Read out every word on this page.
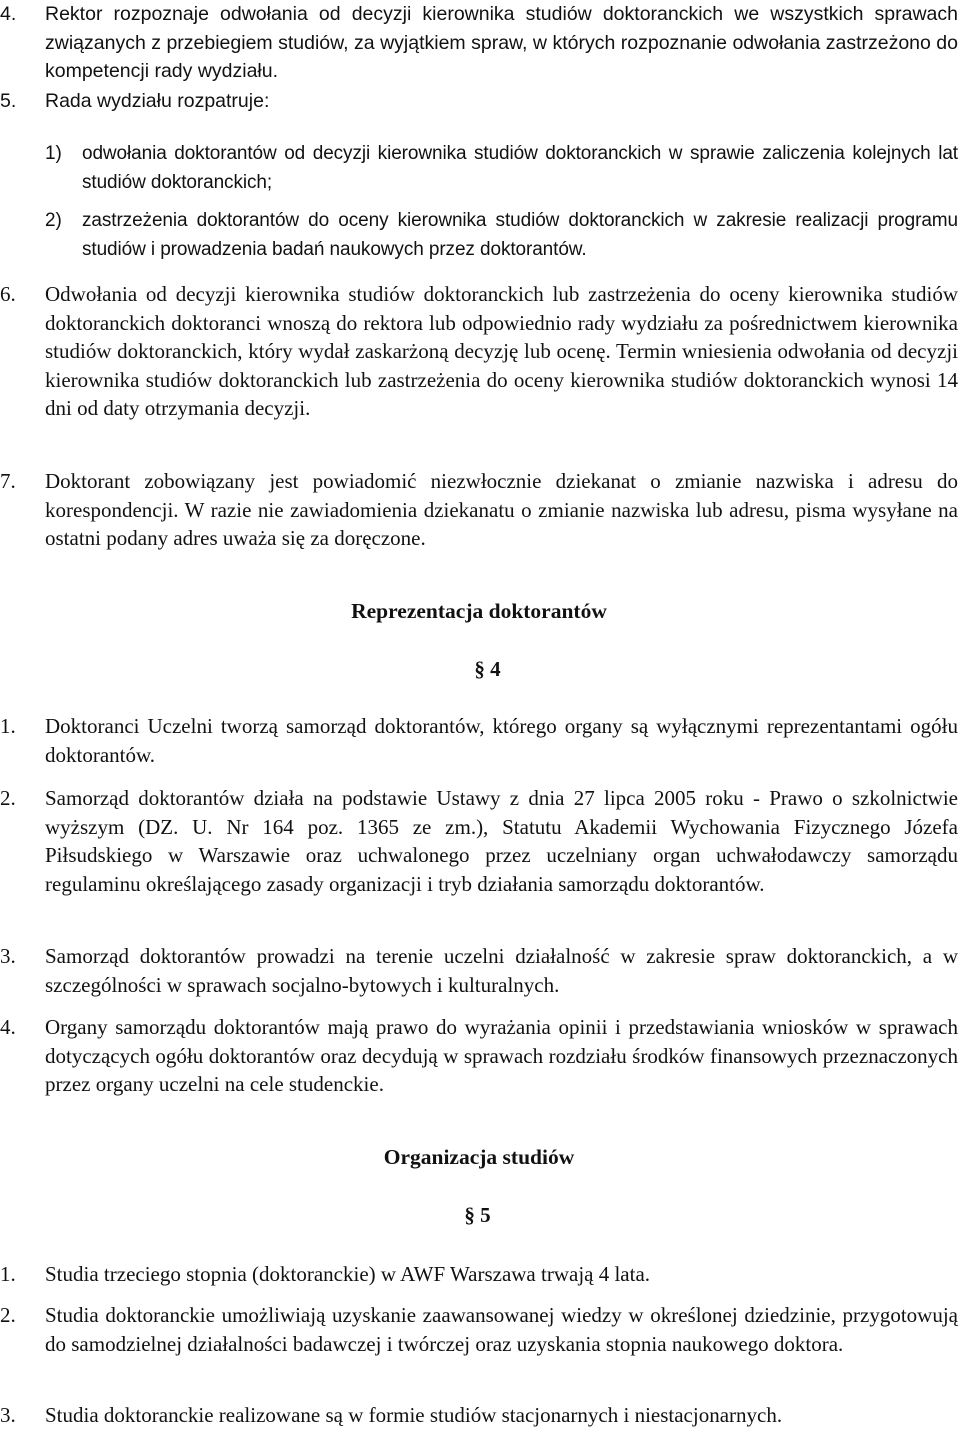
4.	Rektor rozpoznaje odwołania od decyzji kierownika studiów doktoranckich we wszystkich sprawach związanych z przebiegiem studiów, za wyjątkiem spraw, w których rozpoznanie odwołania zastrzeżono do kompetencji rady wydziału.

5. Rada wydziału rozpatruje:
1)	odwołania doktorantów od decyzji kierownika studiów doktoranckich w sprawie zaliczenia kolejnych lat studiów doktoranckich;

2)	zastrzeżenia doktorantów do oceny kierownika studiów doktoranckich w zakresie realizacji programu studiów i prowadzenia badań naukowych przez doktorantów.

6.	Odwołania od decyzji kierownika studiów doktoranckich lub zastrzeżenia do oceny kierownika studiów doktoranckich doktoranci wnoszą do rektora lub odpowiednio rady wydziału za pośrednictwem kierownika studiów doktoranckich, który wydał zaskarżoną decyzję lub ocenę. Termin wniesienia odwołania od decyzji kierownika studiów doktoranckich lub zastrzeżenia do oceny kierownika studiów doktoranckich wynosi 14 dni od daty otrzymania decyzji.

7.	Doktorant zobowiązany jest powiadomić niezwłocznie dziekanat o zmianie nazwiska i adresu do korespondencji. W razie nie zawiadomienia dziekanatu o zmianie nazwiska lub adresu, pisma wysyłane na ostatni podany adres uważa się za doręczone.

Reprezentacja doktorantów
§ 4
1.	Doktoranci Uczelni tworzą samorząd doktorantów, którego organy są wyłącznymi reprezentantami ogółu doktorantów.

2.	Samorząd doktorantów działa na podstawie Ustawy z dnia 27 lipca 2005 roku - Prawo o szkolnictwie wyższym (DZ. U. Nr 164 poz. 1365 ze zm.), Statutu Akademii Wychowania Fizycznego Józefa Piłsudskiego w Warszawie oraz uchwalonego przez uczelniany organ uchwałodawczy samorządu regulaminu określającego zasady organizacji i tryb działania samorządu doktorantów.

3.	Samorząd doktorantów prowadzi na terenie uczelni działalność w zakresie spraw doktoranckich, a w szczególności w sprawach socjalno-bytowych i kulturalnych.

4.	Organy samorządu doktorantów mają prawo do wyrażania opinii i przedstawiania wniosków w sprawach dotyczących ogółu doktorantów oraz decydują w sprawach rozdziału środków finansowych przeznaczonych przez organy uczelni na cele studenckie.

Organizacja studiów
§ 5
1.	Studia trzeciego stopnia (doktoranckie) w AWF Warszawa trwają 4 lata.

2.	Studia doktoranckie umożliwiają uzyskanie zaawansowanej wiedzy w określonej dziedzinie, przygotowują do samodzielnej działalności badawczej i twórczej oraz uzyskania stopnia naukowego doktora.

3.	Studia doktoranckie realizowane są w formie studiów stacjonarnych i niestacjonarnych.
